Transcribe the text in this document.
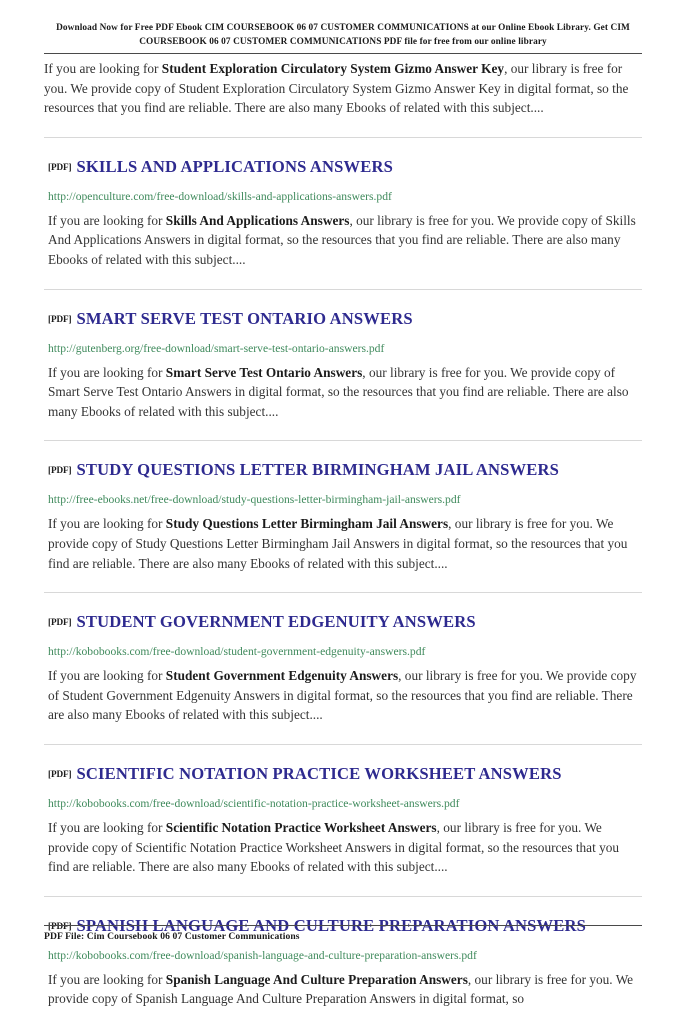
Download Now for Free PDF Ebook CIM COURSEBOOK 06 07 CUSTOMER COMMUNICATIONS at our Online Ebook Library. Get CIM
COURSEBOOK 06 07 CUSTOMER COMMUNICATIONS PDF file for free from our online library

If you are looking for Student Exploration Circulatory System Gizmo Answer Key, our library is free for you. We provide copy of Student Exploration Circulatory System Gizmo Answer Key in digital format, so the resources that you find are reliable. There are also many Ebooks of related with this subject....

[PDF] SKILLS AND APPLICATIONS ANSWERS
http://openculture.com/free-download/skills-and-applications-answers.pdf

If you are looking for Skills And Applications Answers, our library is free for you. We provide copy of Skills And Applications Answers in digital format, so the resources that you find are reliable. There are also many Ebooks of related with this subject....

[PDF] SMART SERVE TEST ONTARIO ANSWERS
http://gutenberg.org/free-download/smart-serve-test-ontario-answers.pdf

If you are looking for Smart Serve Test Ontario Answers, our library is free for you. We provide copy of Smart Serve Test Ontario Answers in digital format, so the resources that you find are reliable. There are also many Ebooks of related with this subject....

[PDF] STUDY QUESTIONS LETTER BIRMINGHAM JAIL ANSWERS
http://free-ebooks.net/free-download/study-questions-letter-birmingham-jail-answers.pdf

If you are looking for Study Questions Letter Birmingham Jail Answers, our library is free for you. We provide copy of Study Questions Letter Birmingham Jail Answers in digital format, so the resources that you find are reliable. There are also many Ebooks of related with this subject....

[PDF] STUDENT GOVERNMENT EDGENUITY ANSWERS
http://kobobooks.com/free-download/student-government-edgenuity-answers.pdf

If you are looking for Student Government Edgenuity Answers, our library is free for you. We provide copy of Student Government Edgenuity Answers in digital format, so the resources that you find are reliable. There are also many Ebooks of related with this subject....

[PDF] SCIENTIFIC NOTATION PRACTICE WORKSHEET ANSWERS
http://kobobooks.com/free-download/scientific-notation-practice-worksheet-answers.pdf

If you are looking for Scientific Notation Practice Worksheet Answers, our library is free for you. We provide copy of Scientific Notation Practice Worksheet Answers in digital format, so the resources that you find are reliable. There are also many Ebooks of related with this subject....

[PDF] SPANISH LANGUAGE AND CULTURE PREPARATION ANSWERS
http://kobobooks.com/free-download/spanish-language-and-culture-preparation-answers.pdf

If you are looking for Spanish Language And Culture Preparation Answers, our library is free for you. We provide copy of Spanish Language And Culture Preparation Answers in digital format, so

PDF File: Cim Coursebook 06 07 Customer Communications
